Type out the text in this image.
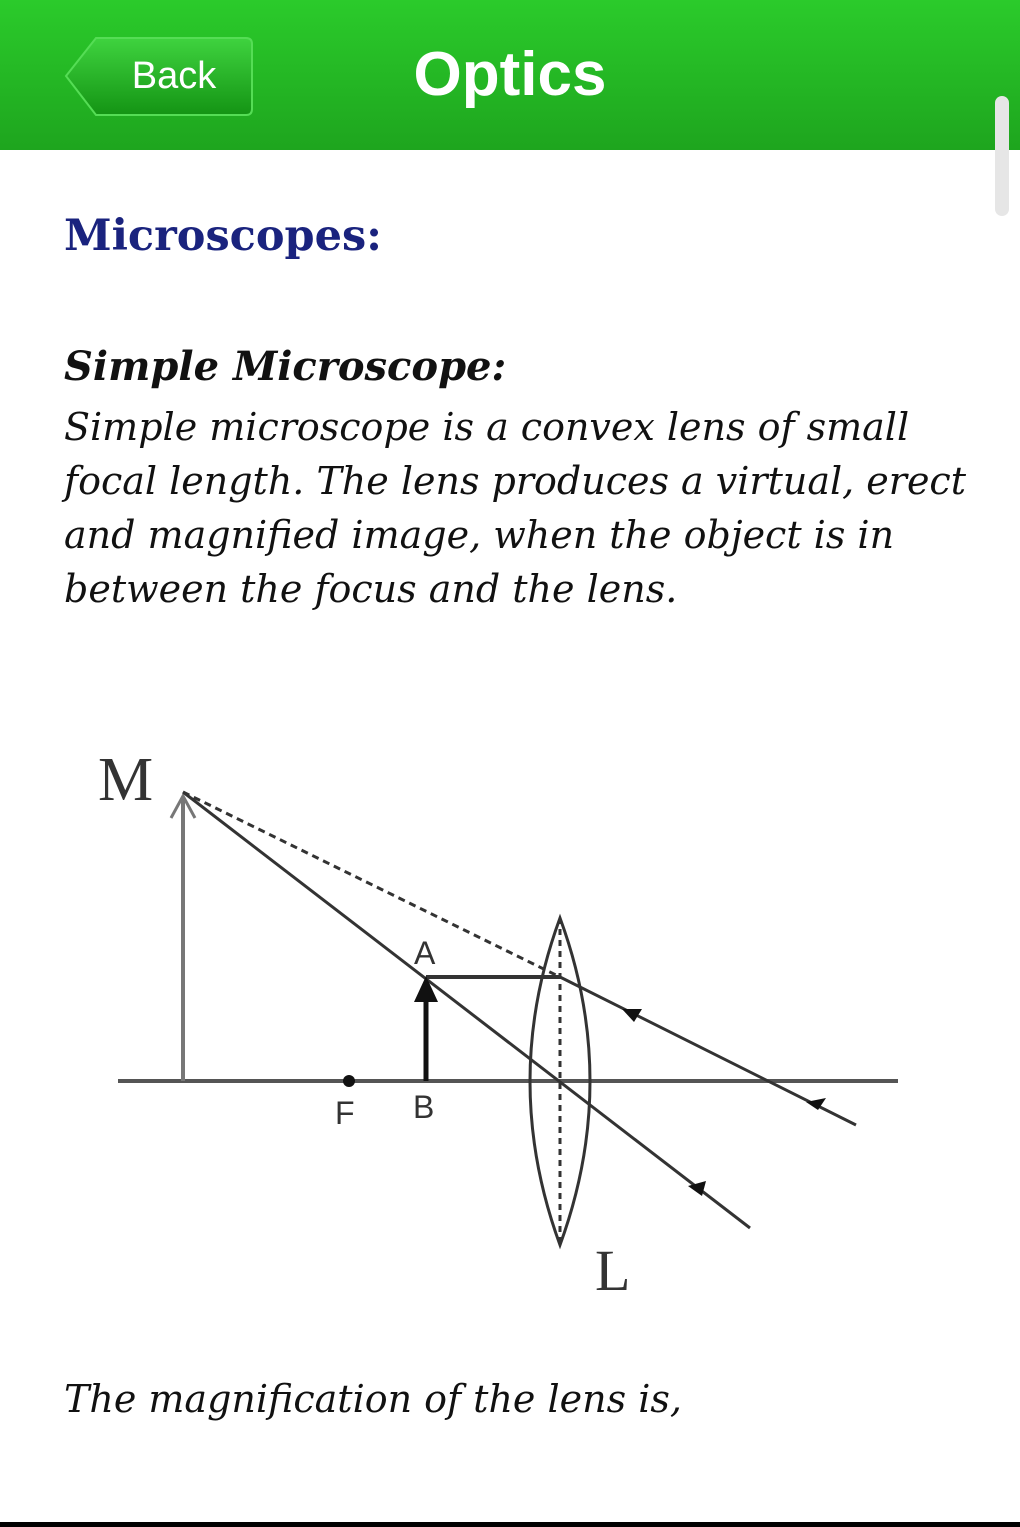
Back	Optics
Microscopes:
Simple Microscope:

Simple microscope is a convex lens of small focal length. The lens produces a virtual, erect and magnified image, when the object is in between the focus and the lens.

M
A
B
F
L

The magnification of the lens is,
